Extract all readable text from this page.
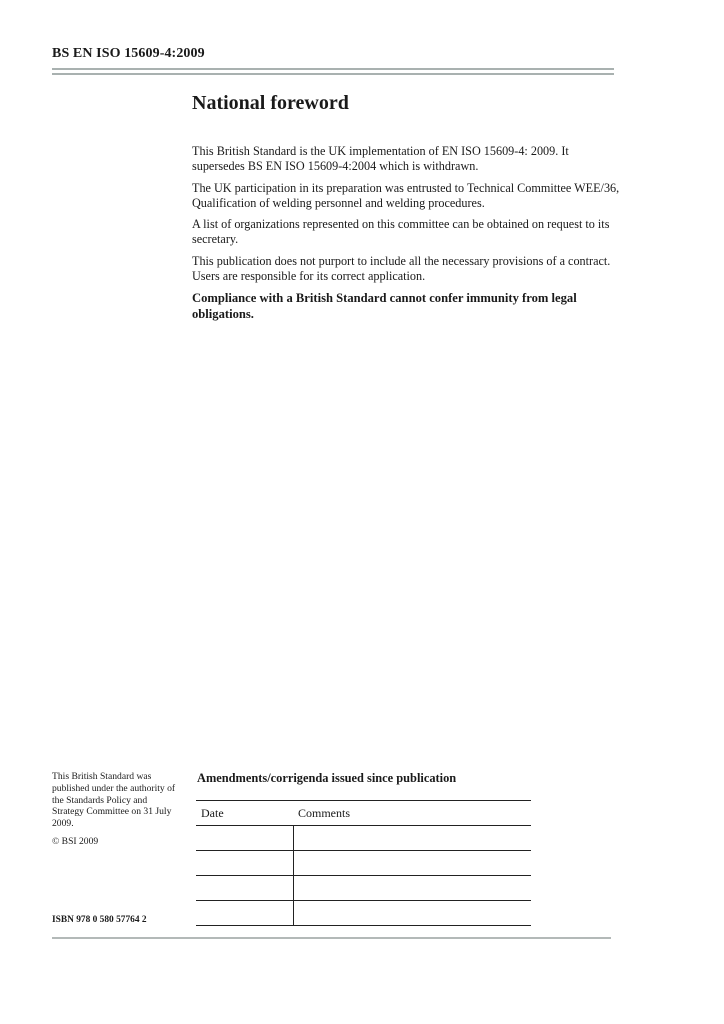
BS EN ISO 15609-4:2009
National foreword

This British Standard is the UK implementation of EN ISO 15609-4: 2009. It supersedes BS EN ISO 15609-4:2004 which is withdrawn.

The UK participation in its preparation was entrusted to Technical Committee WEE/36, Qualification of welding personnel and welding procedures.

A list of organizations represented on this committee can be obtained on request to its secretary.

This publication does not purport to include all the necessary provisions of a contract. Users are responsible for its correct application.

Compliance with a British Standard cannot confer immunity from legal obligations.

This British Standard was published under the authority of the Standards Policy and Strategy Committee on 31 July 2009.

© BSI 2009

ISBN 978 0 580 57764 2
Amendments/corrigenda issued since publication
Date	Comments
